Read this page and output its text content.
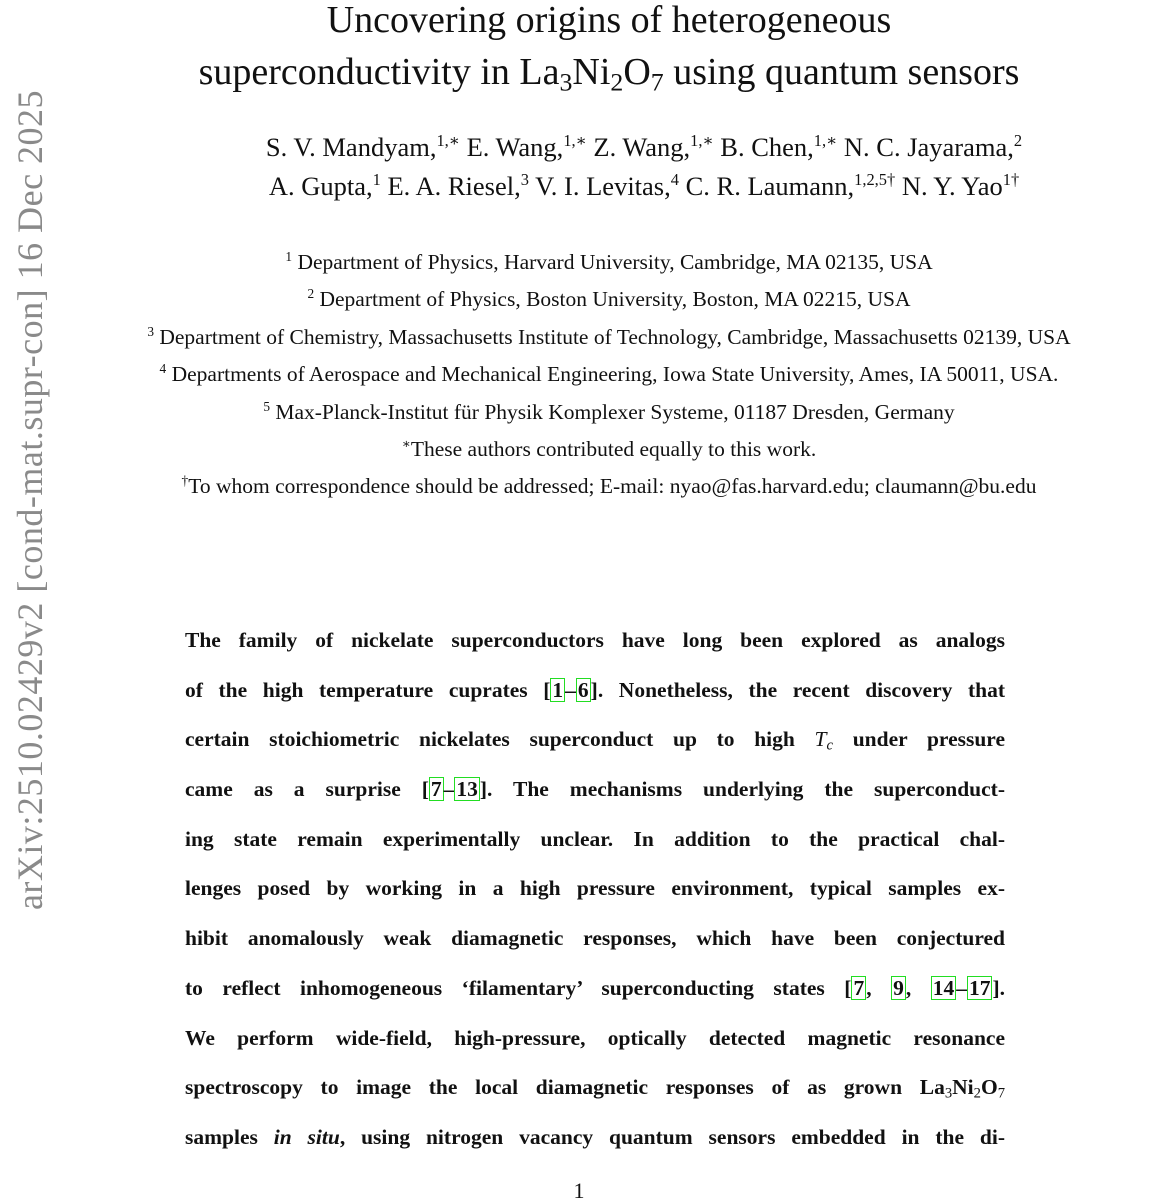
arXiv:2510.02429v2 [cond-mat.supr-con] 16 Dec 2025
Uncovering origins of heterogeneous
superconductivity in $La_3Ni_2O_7$ using quantum sensors
S. V. Mandyam,$^{1,∗}$ E. Wang,$^{1,∗}$ Z. Wang,$^{1,∗}$ B. Chen,$^{1,∗}$ N. C. Jayarama,$^2$
A. Gupta,$^1$ E. A. Riesel,$^3$ V. I. Levitas,$^4$ C. R. Laumann,$^{1,2,5\dagger}$ N. Y. Yao$^{1\dagger}$
$^1$ Department of Physics, Harvard University, Cambridge, MA 02135, USA
$^2$ Department of Physics, Boston University, Boston, MA 02215, USA
$^3$ Department of Chemistry, Massachusetts Institute of Technology, Cambridge, Massachusetts 02139, USA
$^4$ Departments of Aerospace and Mechanical Engineering, Iowa State University, Ames, IA 50011, USA.
$^5$ Max-Planck-Institut für Physik Komplexer Systeme, 01187 Dresden, Germany
∗These authors contributed equally to this work.
†To whom correspondence should be addressed; E-mail: nyao@fas.harvard.edu; claumann@bu.edu
The family of nickelate superconductors have long been explored as analogs
of the high temperature cuprates [1–6]. Nonetheless, the recent discovery that
certain stoichiometric nickelates superconduct up to high $T_c$ under pressure
came as a surprise [7–13]. The mechanisms underlying the superconduct-
ing state remain experimentally unclear. In addition to the practical chal-
lenges posed by working in a high pressure environment, typical samples ex-
hibit anomalously weak diamagnetic responses, which have been conjectured
to reflect inhomogeneous ‘filamentary’ superconducting states [7, 9, 14–17].
We perform wide-field, high-pressure, optically detected magnetic resonance
spectroscopy to image the local diamagnetic responses of as grown $La_3Ni_2O_7$
samples in situ, using nitrogen vacancy quantum sensors embedded in the di-
1
